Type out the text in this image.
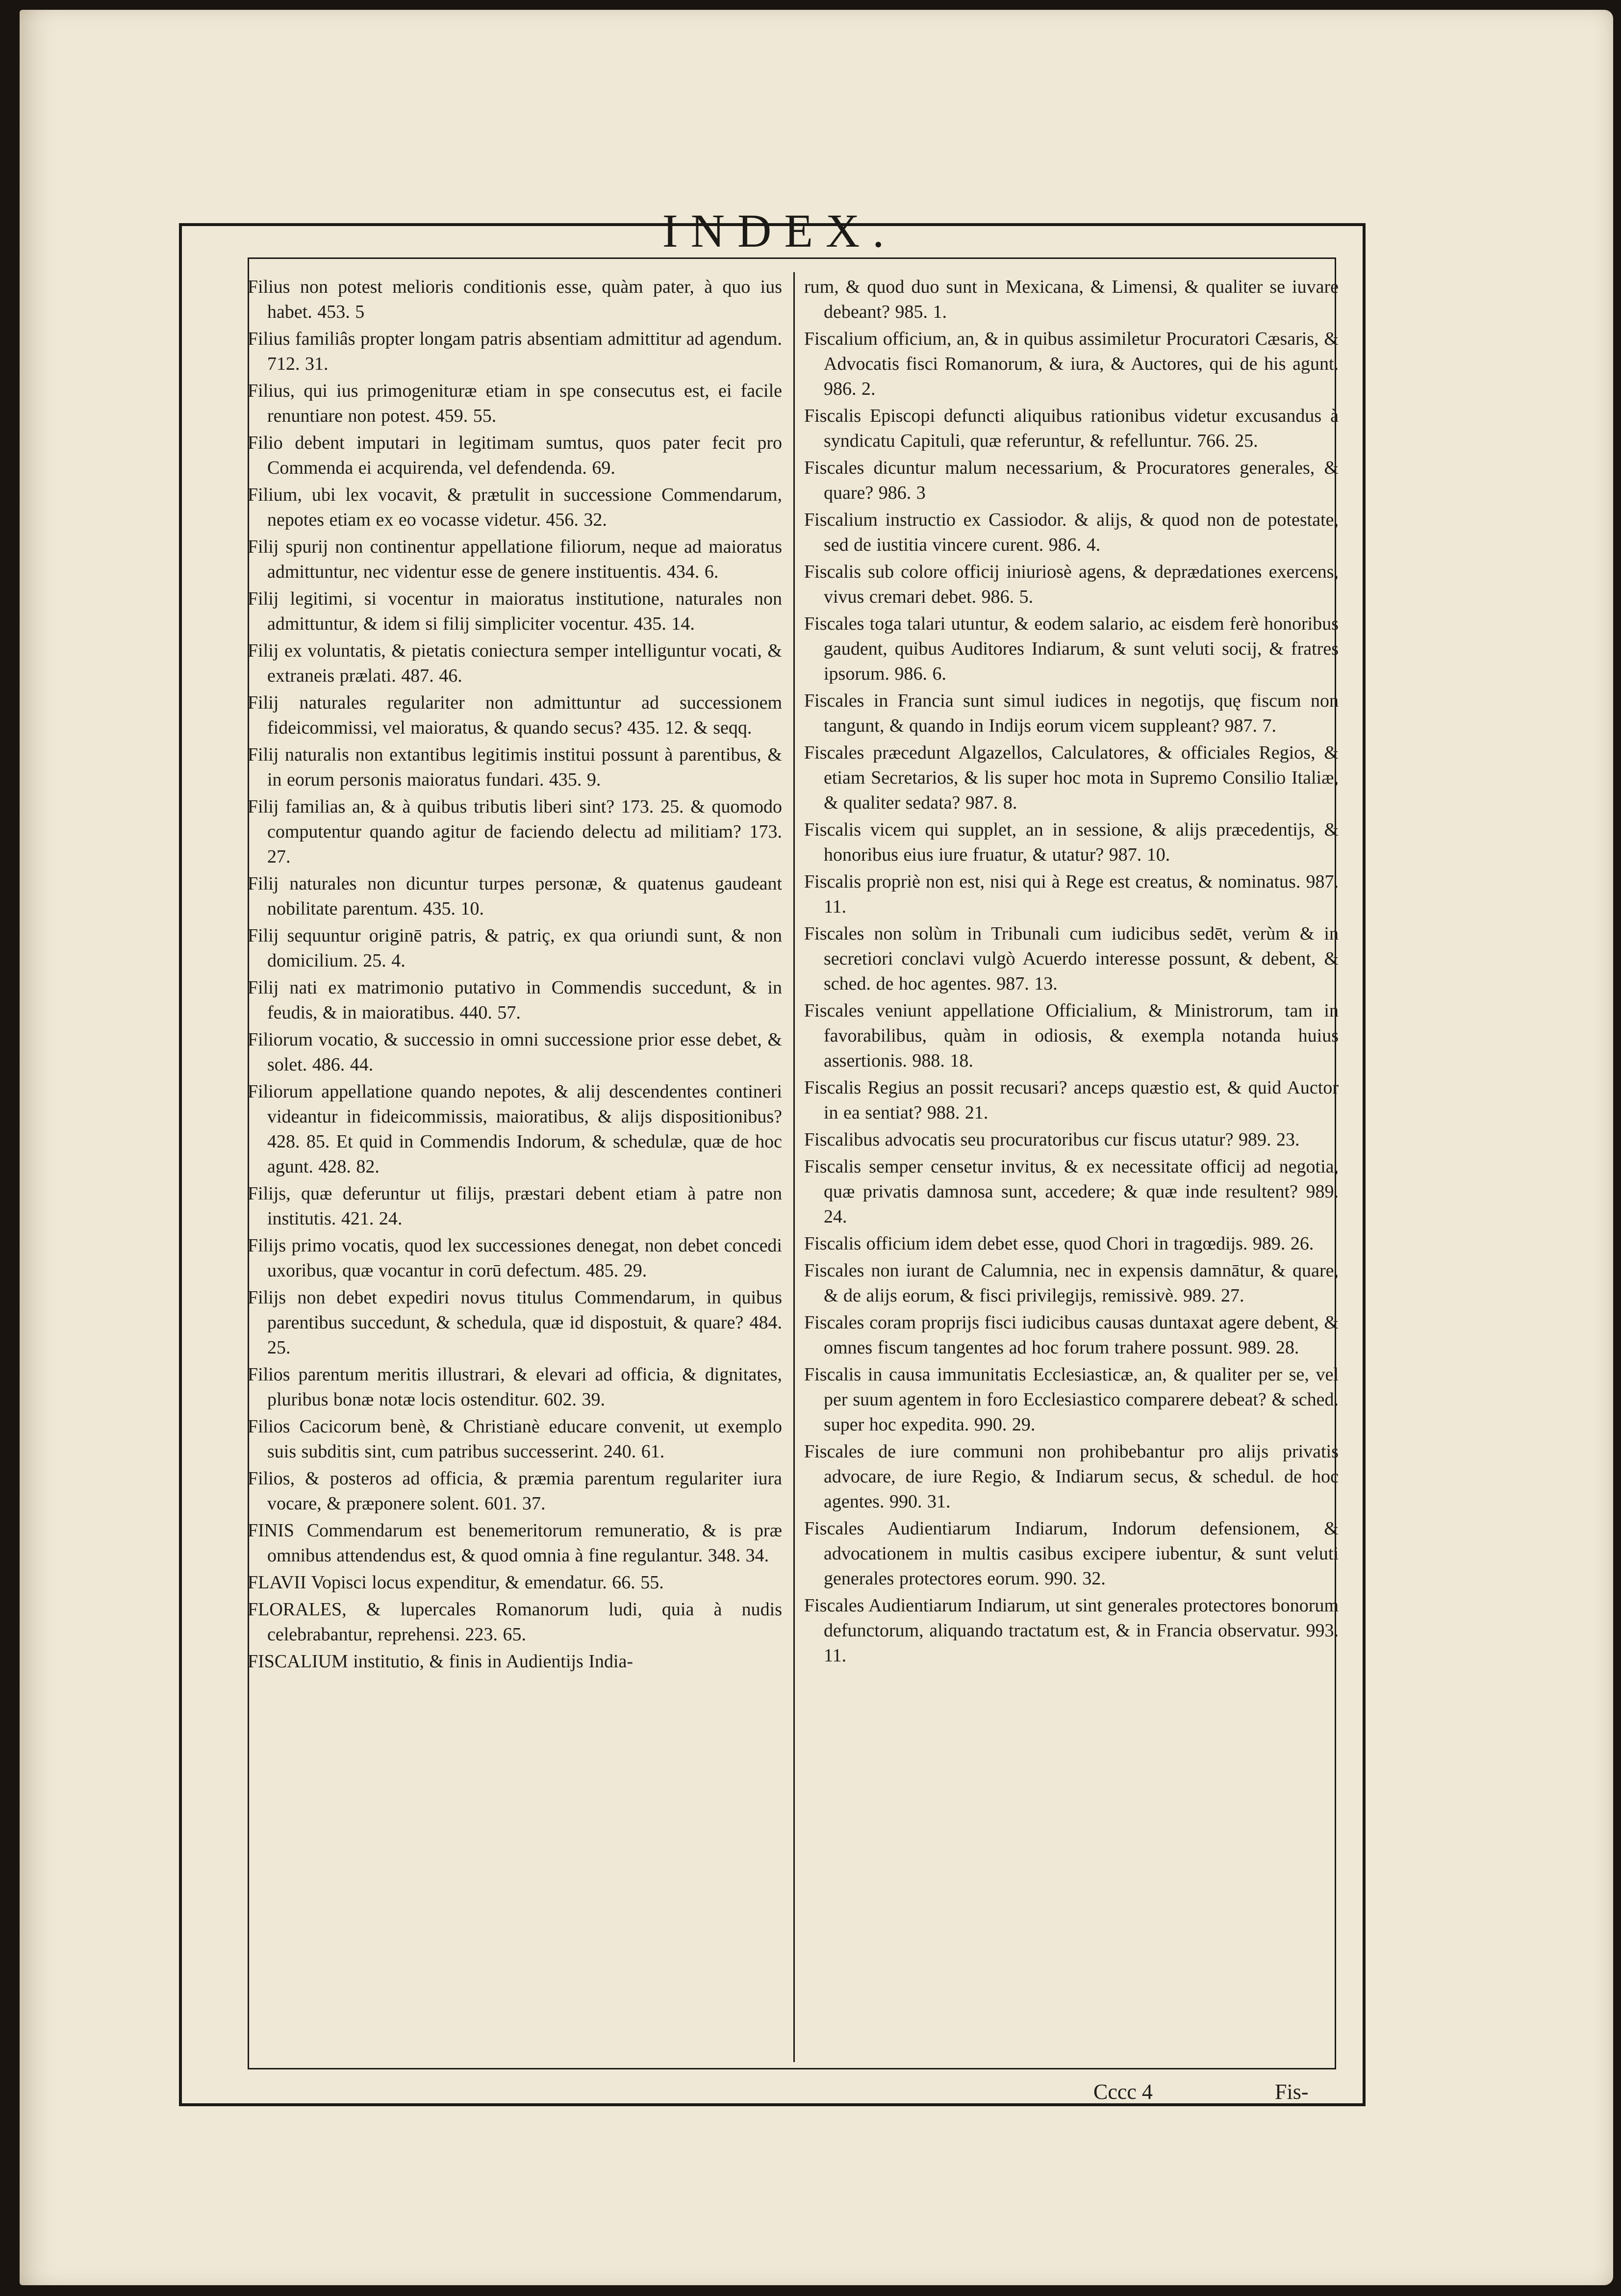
INDEX.

Filius non potest melioris conditionis esse, quàm pater, à quo ius habet. 453. 5

Filius familiâs propter longam patris absentiam admittitur ad agendum. 712. 31.

Filius, qui ius primogenituræ etiam in spe consecutus est, ei facile renuntiare non potest. 459. 55.

Filio debent imputari in legitimam sumtus, quos pater fecit pro Commenda ei acquirenda, vel defendenda. 69.

Filium, ubi lex vocavit, & prætulit in successione Commendarum, nepotes etiam ex eo vocasse videtur. 456. 32.

Filij spurij non continentur appellatione filiorum, neque ad maioratus admittuntur, nec videntur esse de genere instituentis. 434. 6.

Filij legitimi, si vocentur in maioratus institutione, naturales non admittuntur, & idem si filij simpliciter vocentur. 435. 14.

Filij ex voluntatis, & pietatis coniectura semper intelliguntur vocati, & extraneis prælati. 487. 46.

Filij naturales regulariter non admittuntur ad successionem fideicommissi, vel maioratus, & quando secus? 435. 12. & seqq.

Filij naturalis non extantibus legitimis institui possunt à parentibus, & in eorum personis maioratus fundari. 435. 9.

Filij familias an, & à quibus tributis liberi sint? 173. 25. & quomodo computentur quando agitur de faciendo delectu ad militiam? 173. 27.

Filij naturales non dicuntur turpes personæ, & quatenus gaudeant nobilitate parentum. 435. 10.

Filij sequuntur originē patris, & patriç, ex qua oriundi sunt, & non domicilium. 25. 4.

Filij nati ex matrimonio putativo in Commendis succedunt, & in feudis, & in maioratibus. 440. 57.

Filiorum vocatio, & successio in omni successione prior esse debet, & solet. 486. 44.

Filiorum appellatione quando nepotes, & alij descendentes contineri videantur in fideicommissis, maioratibus, & alijs dispositionibus? 428. 85. Et quid in Commendis Indorum, & schedulæ, quæ de hoc agunt. 428. 82.

Filijs, quæ deferuntur ut filijs, præstari debent etiam à patre non institutis. 421. 24.

Filijs primo vocatis, quod lex successiones denegat, non debet concedi uxoribus, quæ vocantur in corū defectum. 485. 29.

Filijs non debet expediri novus titulus Commendarum, in quibus parentibus succedunt, & schedula, quæ id dispostuit, & quare? 484. 25.

Filios parentum meritis illustrari, & elevari ad officia, & dignitates, pluribus bonæ notæ locis ostenditur. 602. 39.

Filios Cacicorum benè, & Christianè educare convenit, ut exemplo suis subditis sint, cum patribus successerint. 240. 61.

Filios, & posteros ad officia, & præmia parentum regulariter iura vocare, & præponere solent. 601. 37.

FINIS Commendarum est benemeritorum remuneratio, & is præ omnibus attendendus est, & quod omnia à fine regulantur. 348. 34.

FLAVII Vopisci locus expenditur, & emendatur. 66. 55.

FLORALES, & lupercales Romanorum ludi, quia à nudis celebrabantur, reprehensi. 223. 65.

FISCALIUM institutio, & finis in Audientijs India-

rum, & quod duo sunt in Mexicana, & Limensi, & qualiter se iuvare debeant? 985. 1.

Fiscalium officium, an, & in quibus assimiletur Procuratori Cæsaris, & Advocatis fisci Romanorum, & iura, & Auctores, qui de his agunt. 986. 2.

Fiscalis Episcopi defuncti aliquibus rationibus videtur excusandus à syndicatu Capituli, quæ referuntur, & refelluntur. 766. 25.

Fiscales dicuntur malum necessarium, & Procuratores generales, & quare? 986. 3

Fiscalium instructio ex Cassiodor. & alijs, & quod non de potestate, sed de iustitia vincere curent. 986. 4.

Fiscalis sub colore officij iniuriosè agens, & deprædationes exercens, vivus cremari debet. 986. 5.

Fiscales toga talari utuntur, & eodem salario, ac eisdem ferè honoribus gaudent, quibus Auditores Indiarum, & sunt veluti socij, & fratres ipsorum. 986. 6.

Fiscales in Francia sunt simul iudices in negotijs, quę fiscum non tangunt, & quando in Indijs eorum vicem suppleant? 987. 7.

Fiscales præcedunt Algazellos, Calculatores, & officiales Regios, & etiam Secretarios, & lis super hoc mota in Supremo Consilio Italiæ, & qualiter sedata? 987. 8.

Fiscalis vicem qui supplet, an in sessione, & alijs præcedentijs, & honoribus eius iure fruatur, & utatur? 987. 10.

Fiscalis propriè non est, nisi qui à Rege est creatus, & nominatus. 987. 11.

Fiscales non solùm in Tribunali cum iudicibus sedēt, verùm & in secretiori conclavi vulgò Acuerdo interesse possunt, & debent, & sched. de hoc agentes. 987. 13.

Fiscales veniunt appellatione Officialium, & Ministrorum, tam in favorabilibus, quàm in odiosis, & exempla notanda huius assertionis. 988. 18.

Fiscalis Regius an possit recusari? anceps quæstio est, & quid Auctor in ea sentiat? 988. 21.

Fiscalibus advocatis seu procuratoribus cur fiscus utatur? 989. 23.

Fiscalis semper censetur invitus, & ex necessitate officij ad negotia, quæ privatis damnosa sunt, accedere; & quæ inde resultent? 989. 24.

Fiscalis officium idem debet esse, quod Chori in tragœdijs. 989. 26.

Fiscales non iurant de Calumnia, nec in expensis damnātur, & quare, & de alijs eorum, & fisci privilegijs, remissivè. 989. 27.

Fiscales coram proprijs fisci iudicibus causas duntaxat agere debent, & omnes fiscum tangentes ad hoc forum trahere possunt. 989. 28.

Fiscalis in causa immunitatis Ecclesiasticæ, an, & qualiter per se, vel per suum agentem in foro Ecclesiastico comparere debeat? & sched. super hoc expedita. 990. 29.

Fiscales de iure communi non prohibebantur pro alijs privatis advocare, de iure Regio, & Indiarum secus, & schedul. de hoc agentes. 990. 31.

Fiscales Audientiarum Indiarum, Indorum defensionem, & advocationem in multis casibus excipere iubentur, & sunt veluti generales protectores eorum. 990. 32.

Fiscales Audientiarum Indiarum, ut sint generales protectores bonorum defunctorum, aliquando tractatum est, & in Francia observatur. 993. 11.

Cccc 4	Fis-
